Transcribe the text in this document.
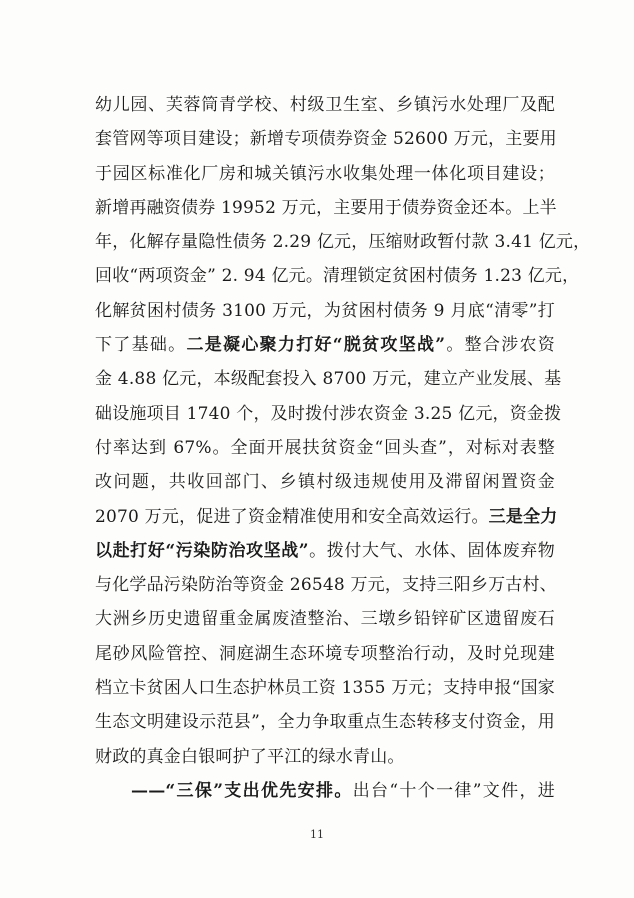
幼儿园、芙蓉筒青学校、村级卫生室、乡镇污水处理厂及配
套管网等项目建设；新增专项债券资金 52600 万元，主要用
于园区标准化厂房和城关镇污水收集处理一体化项目建设；
新增再融资债券 19952 万元，主要用于债券资金还本。上半
年，化解存量隐性债务 2.29 亿元，压缩财政暂付款 3.41 亿元，
回收“两项资金” 2. 94 亿元。清理锁定贫困村债务 1.23 亿元，
化解贫困村债务 3100 万元，为贫困村债务 9 月底“清零”打
下了基础。二是凝心聚力打好“脱贫攻坚战”。整合涉农资
金 4.88 亿元，本级配套投入 8700 万元，建立产业发展、基
础设施项目 1740 个，及时拨付涉农资金 3.25 亿元，资金拨
付率达到 67%。全面开展扶贫资金“回头查”，对标对表整
改问题，共收回部门、乡镇村级违规使用及滞留闲置资金
2070 万元，促进了资金精准使用和安全高效运行。三是全力
以赴打好“污染防治攻坚战”。拨付大气、水体、固体废弃物
与化学品污染防治等资金 26548 万元，支持三阳乡万古村、
大洲乡历史遗留重金属废渣整治、三墩乡铅锌矿区遗留废石
尾砂风险管控、洞庭湖生态环境专项整治行动，及时兑现建
档立卡贫困人口生态护林员工资 1355 万元；支持申报“国家
生态文明建设示范县”，全力争取重点生态转移支付资金，用
财政的真金白银呵护了平江的绿水青山。
——“三保”支出优先安排。出台“十个一律”文件，进
11
